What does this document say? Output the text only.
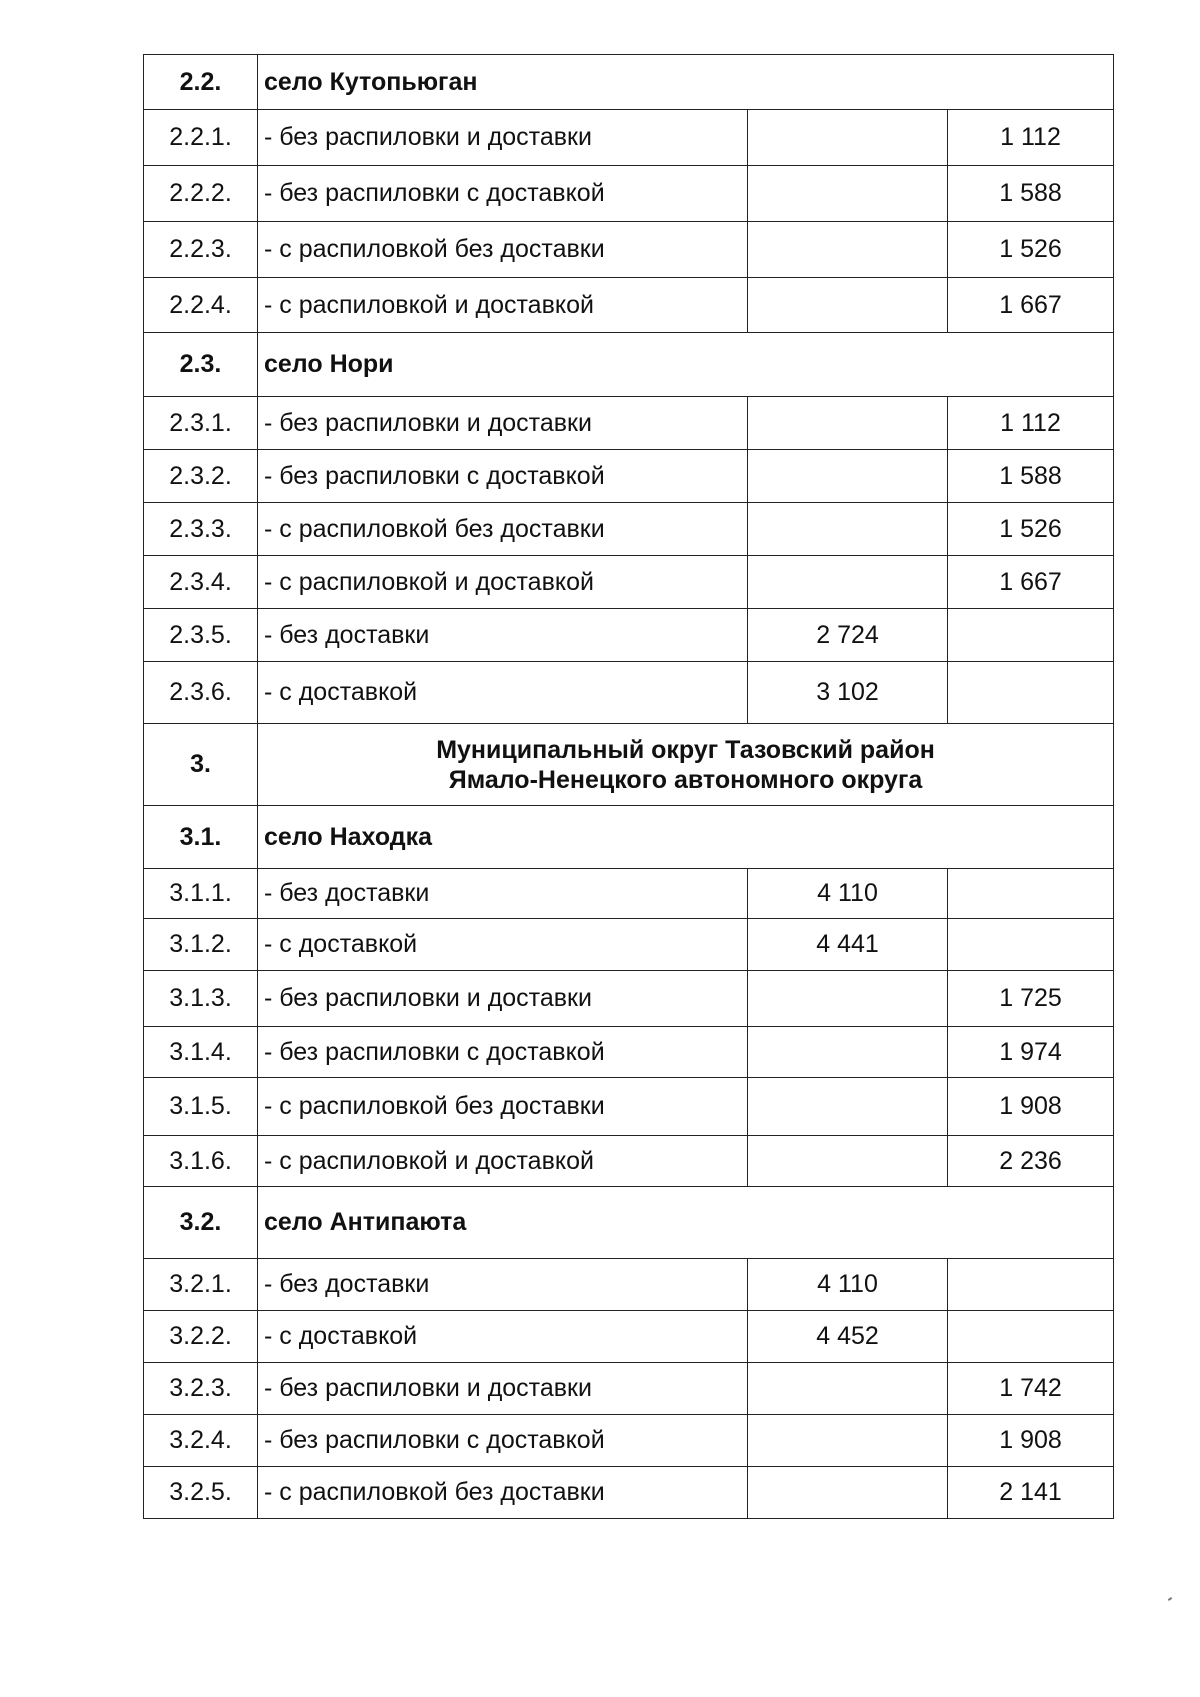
2.2.	село Кутопьюган		
2.2.1.	- без распиловки и доставки		1 112
2.2.2.	- без распиловки с доставкой		1 588
2.2.3.	- с распиловкой без доставки		1 526
2.2.4.	- с распиловкой и доставкой		1 667
2.3.	село Нори		
2.3.1.	- без распиловки и доставки		1 112
2.3.2.	- без распиловки с доставкой		1 588
2.3.3.	- с распиловкой без доставки		1 526
2.3.4.	- с распиловкой и доставкой		1 667
2.3.5.	- без доставки	2 724	
2.3.6.	- с доставкой	3 102	
3.	Муниципальный округ Тазовский район
Ямало-Ненецкого автономного округа		

3.1.	село Находка		
3.1.1.	- без доставки	4 110	
3.1.2.	- с доставкой	4 441	
3.1.3.	- без распиловки и доставки		1 725
3.1.4.	- без распиловки с доставкой		1 974
3.1.5.	- с распиловкой без доставки		1 908
3.1.6.	- с распиловкой и доставкой		2 236
3.2.	село Антипаюта		
3.2.1.	- без доставки	4 110	
3.2.2.	- с доставкой	4 452	
3.2.3.	- без распиловки и доставки		1 742
3.2.4.	- без распиловки с доставкой		1 908
3.2.5.	- с распиловкой без доставки		2 141
